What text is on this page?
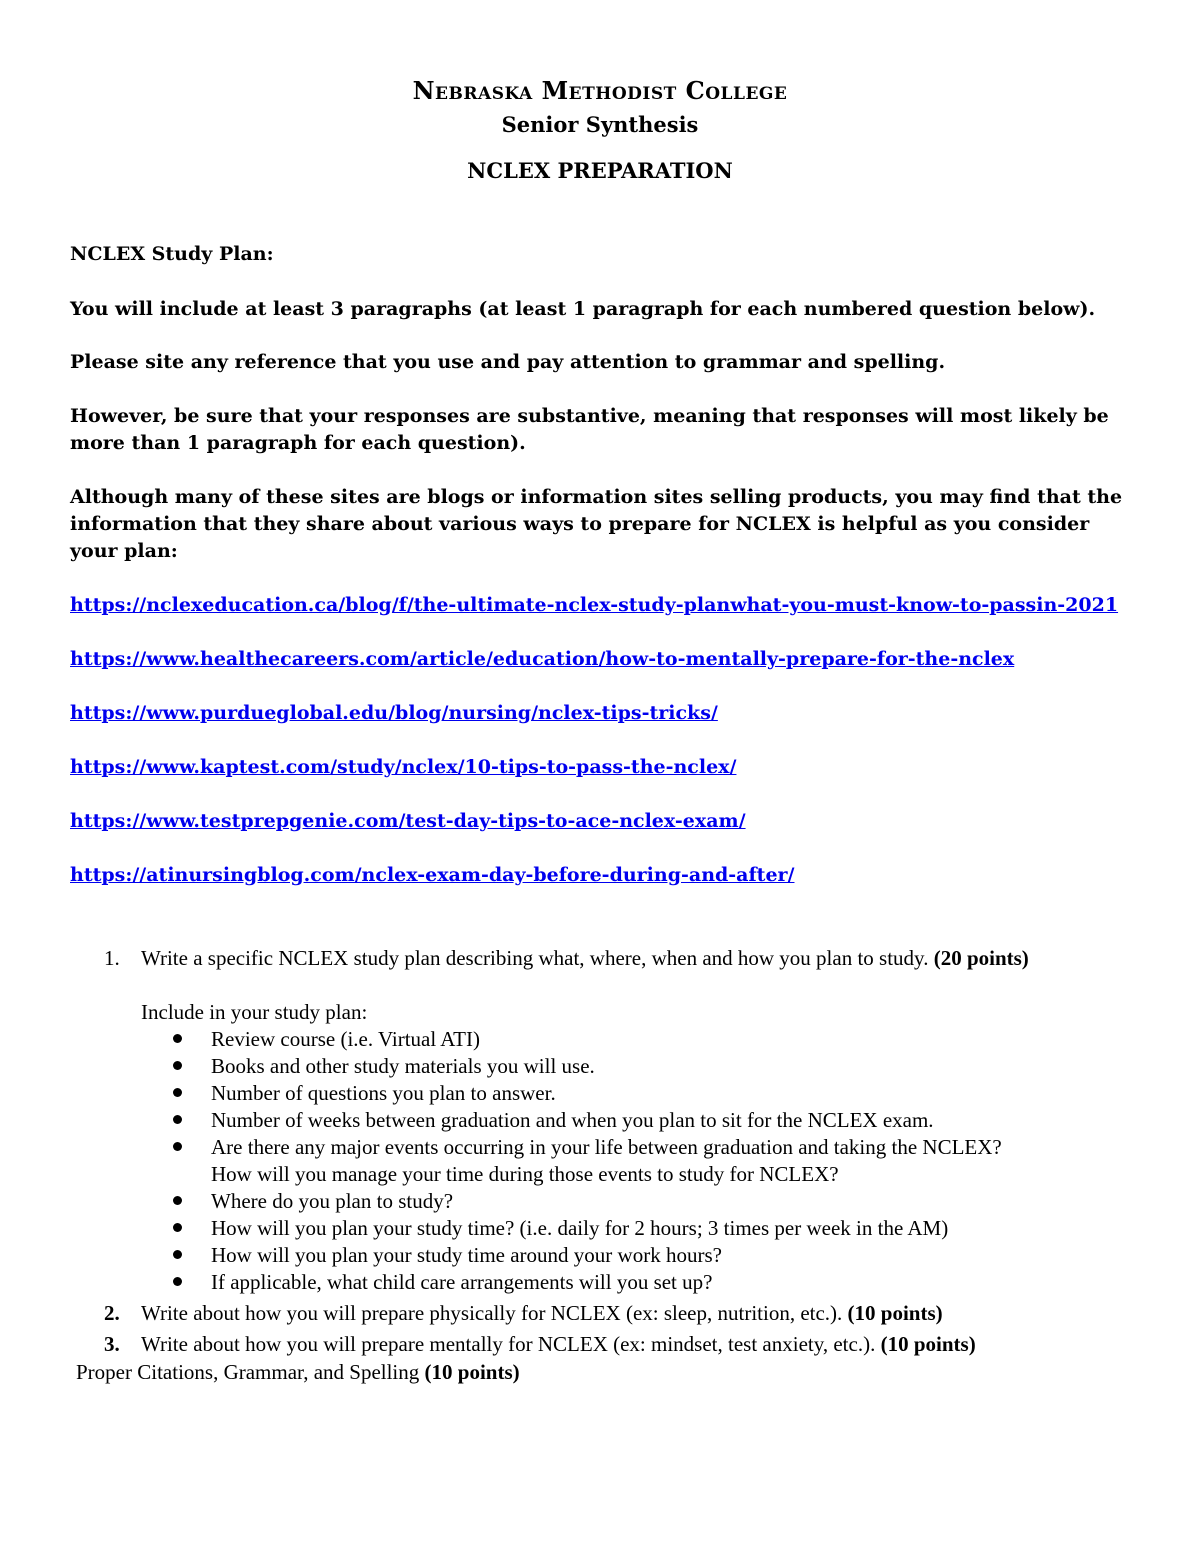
Nebraska Methodist College
Senior Synthesis
NCLEX PREPARATION

NCLEX Study Plan:

You will include at least 3 paragraphs (at least 1 paragraph for each numbered question below).

Please site any reference that you use and pay attention to grammar and spelling.

However, be sure that your responses are substantive, meaning that responses will most likely be more than 1 paragraph for each question).

Although many of these sites are blogs or information sites selling products, you may find that the information that they share about various ways to prepare for NCLEX is helpful as you consider your plan:

https://nclexeducation.ca/blog/f/the-ultimate-nclex-study-planwhat-you-must-know-to-passin-2021
https://www.healthecareers.com/article/education/how-to-mentally-prepare-for-the-nclex
https://www.purdueglobal.edu/blog/nursing/nclex-tips-tricks/
https://www.kaptest.com/study/nclex/10-tips-to-pass-the-nclex/
https://www.testprepgenie.com/test-day-tips-to-ace-nclex-exam/
https://atinursingblog.com/nclex-exam-day-before-during-and-after/
1.	Write a specific NCLEX study plan describing what, where, when and how you plan to study. (20 points)
Include in your study plan:
Review course (i.e. Virtual ATI)
Books and other study materials you will use.
Number of questions you plan to answer.
Number of weeks between graduation and when you plan to sit for the NCLEX exam.
Are there any major events occurring in your life between graduation and taking the NCLEX?
How will you manage your time during those events to study for NCLEX?
Where do you plan to study?
How will you plan your study time? (i.e. daily for 2 hours; 3 times per week in the AM)
How will you plan your study time around your work hours?
If applicable, what child care arrangements will you set up?
2.	Write about how you will prepare physically for NCLEX (ex: sleep, nutrition, etc.). (10 points)
3.	Write about how you will prepare mentally for NCLEX (ex: mindset, test anxiety, etc.). (10 points)
Proper Citations, Grammar, and Spelling (10 points)
